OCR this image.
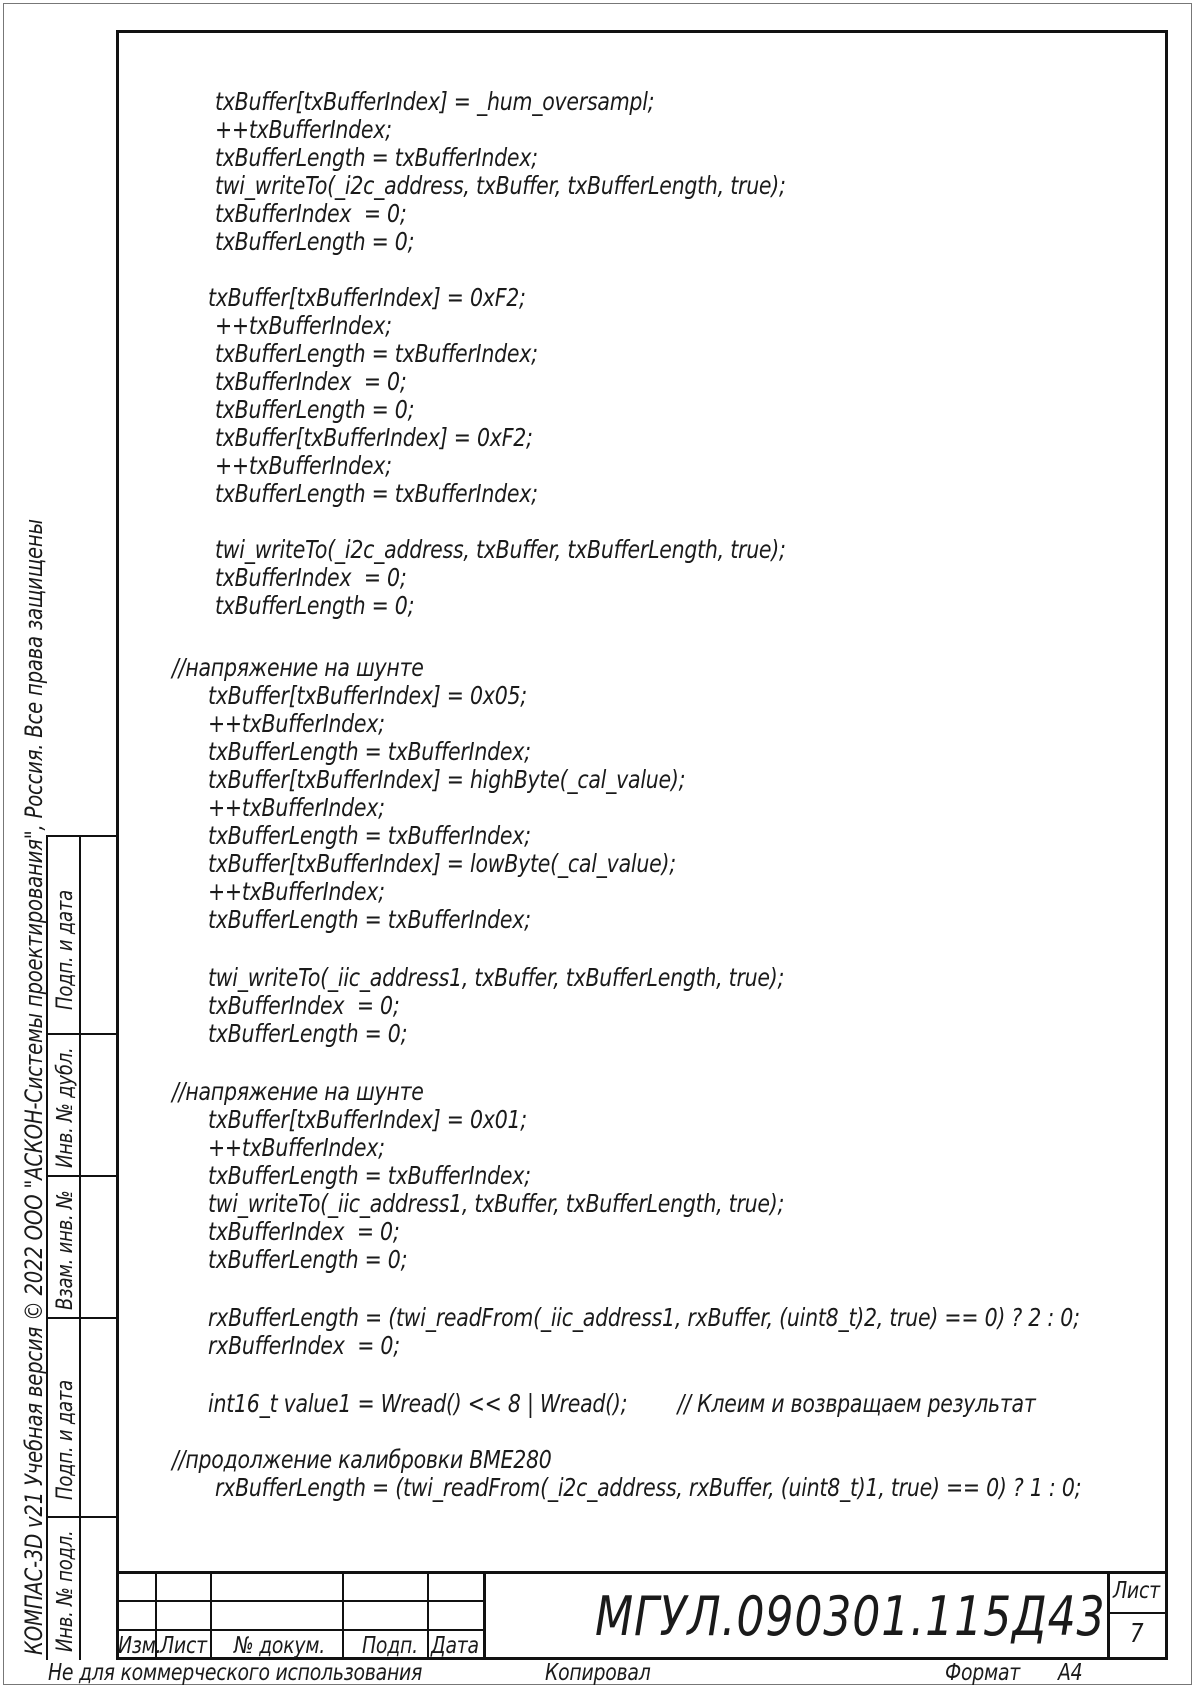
КОМПАС-3D v21 Учебная версия © 2022 ООО "АСКОН-Системы проектирования", Россия. Все права защищены Инв. № подл.
Подп. и дата
Взам. инв. №
Инв. № дубл.
Подп. и дата
txBuffer[txBufferIndex] = _hum_oversampl;
++txBufferIndex;
txBufferLength = txBufferIndex;
twi_writeTo(_i2c_address, txBuffer, txBufferLength, true);
txBufferIndex  = 0;
txBufferLength = 0;
txBuffer[txBufferIndex] = 0xF2;
++txBufferIndex;
txBufferLength = txBufferIndex;
txBufferIndex  = 0;
txBufferLength = 0;
txBuffer[txBufferIndex] = 0xF2;
++txBufferIndex;
txBufferLength = txBufferIndex;
twi_writeTo(_i2c_address, txBuffer, txBufferLength, true);
txBufferIndex  = 0;
txBufferLength = 0;
//напряжение на шунте
txBuffer[txBufferIndex] = 0x05;
++txBufferIndex;
txBufferLength = txBufferIndex;
txBuffer[txBufferIndex] = highByte(_cal_value);
++txBufferIndex;
txBufferLength = txBufferIndex;
txBuffer[txBufferIndex] = lowByte(_cal_value);
++txBufferIndex;
txBufferLength = txBufferIndex;
twi_writeTo(_iic_address1, txBuffer, txBufferLength, true);
txBufferIndex  = 0;
txBufferLength = 0;
//напряжение на шунте
txBuffer[txBufferIndex] = 0x01;
++txBufferIndex;
txBufferLength = txBufferIndex;
twi_writeTo(_iic_address1, txBuffer, txBufferLength, true);
txBufferIndex  = 0;
txBufferLength = 0;
rxBufferLength = (twi_readFrom(_iic_address1, rxBuffer, (uint8_t)2, true) == 0) ? 2 : 0;
rxBufferIndex  = 0;
int16_t value1 = Wread() << 8 | Wread();        // Клеим и возвращаем результат
//продолжение калибровки BME280
rxBufferLength = (twi_readFrom(_i2c_address, rxBuffer, (uint8_t)1, true) == 0) ? 1 : 0;
Изм.
Лист № докум. Подп. Дата МГУЛ.090301.115Д43 Лист
7
Не для коммерческого использования	Копировал	Формат A4
